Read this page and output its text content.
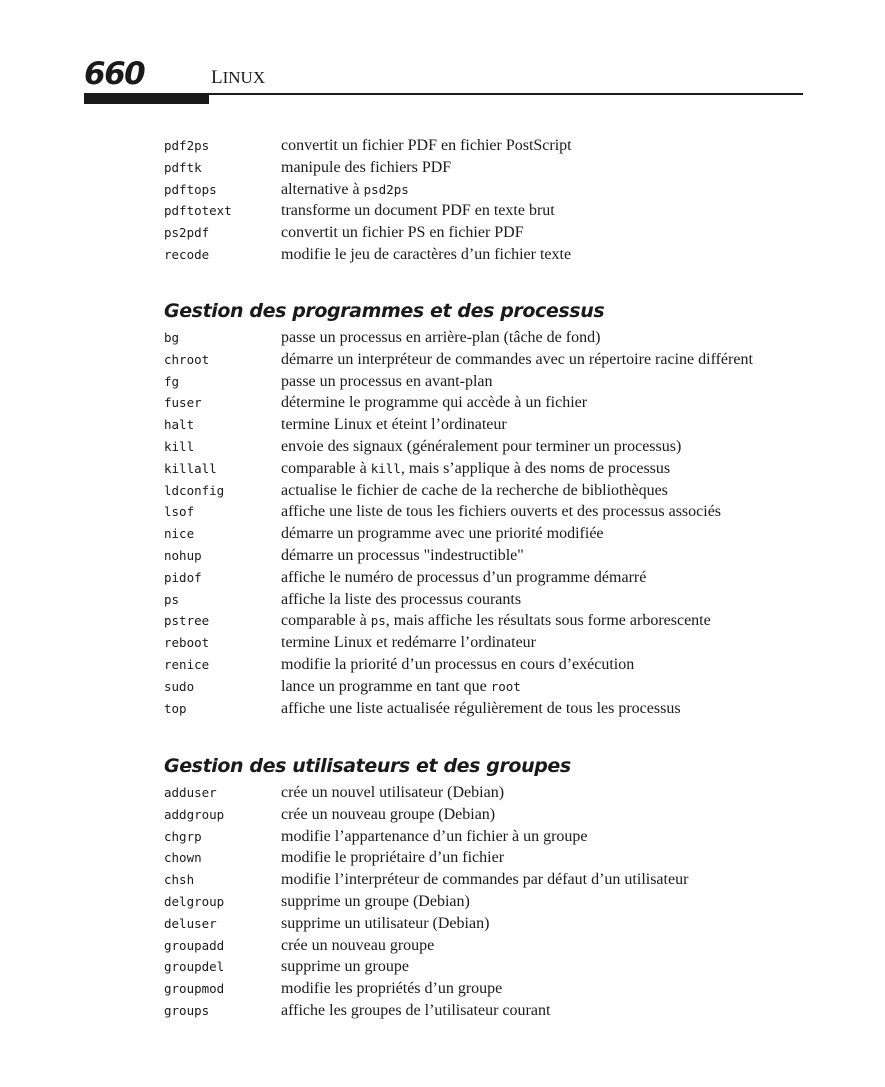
660	LINUX
pdf2ps	convertit un fichier PDF en fichier PostScript
pdftk	manipule des fichiers PDF
pdftops	alternative à psd2ps
pdftotext	transforme un document PDF en texte brut
ps2pdf	convertit un fichier PS en fichier PDF
recode	modifie le jeu de caractères d’un fichier texte
Gestion des programmes et des processus
bg	passe un processus en arrière-plan (tâche de fond)
chroot	démarre un interpréteur de commandes avec un répertoire racine différent
fg	passe un processus en avant-plan
fuser	détermine le programme qui accède à un fichier
halt	termine Linux et éteint l’ordinateur
kill	envoie des signaux (généralement pour terminer un processus)
killall	comparable à kill, mais s’applique à des noms de processus
ldconfig	actualise le fichier de cache de la recherche de bibliothèques
lsof	affiche une liste de tous les fichiers ouverts et des processus associés
nice	démarre un programme avec une priorité modifiée
nohup	démarre un processus "indestructible"
pidof	affiche le numéro de processus d’un programme démarré
ps	affiche la liste des processus courants
pstree	comparable à ps, mais affiche les résultats sous forme arborescente
reboot	termine Linux et redémarre l’ordinateur
renice	modifie la priorité d’un processus en cours d’exécution
sudo	lance un programme en tant que root
top	affiche une liste actualisée régulièrement de tous les processus
Gestion des utilisateurs et des groupes
adduser	crée un nouvel utilisateur (Debian)
addgroup	crée un nouveau groupe (Debian)
chgrp	modifie l’appartenance d’un fichier à un groupe
chown	modifie le propriétaire d’un fichier
chsh	modifie l’interpréteur de commandes par défaut d’un utilisateur
delgroup	supprime un groupe (Debian)
deluser	supprime un utilisateur (Debian)
groupadd	crée un nouveau groupe
groupdel	supprime un groupe
groupmod	modifie les propriétés d’un groupe
groups	affiche les groupes de l’utilisateur courant
